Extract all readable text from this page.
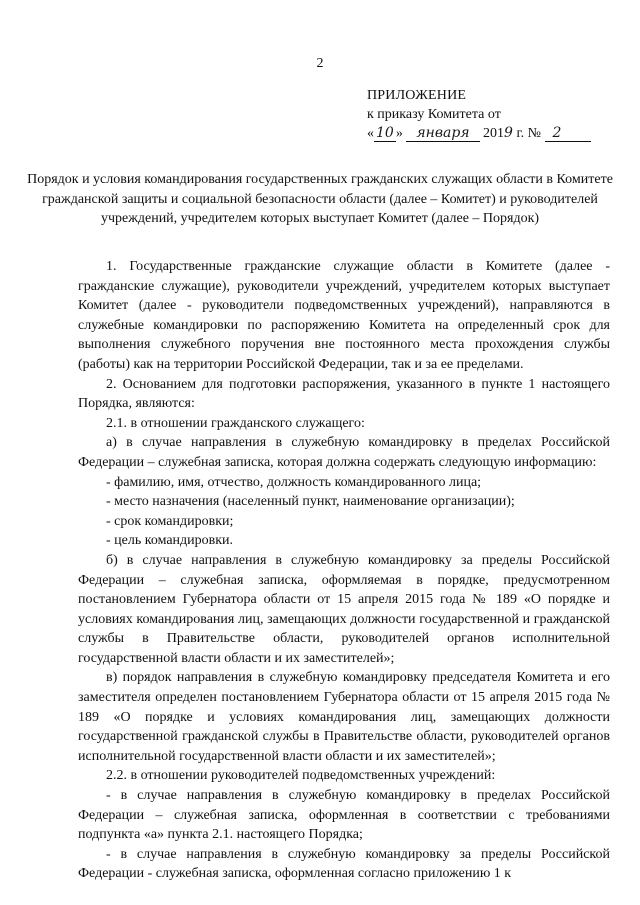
2
ПРИЛОЖЕНИЕ
к приказу Комитета от
« 10 » января 2019 г. № 2
Порядок и условия командирования государственных гражданских служащих области в Комитете гражданской защиты и социальной безопасности области (далее – Комитет) и руководителей учреждений, учредителем которых выступает Комитет (далее – Порядок)

1. Государственные гражданские служащие области в Комитете (далее - гражданские служащие), руководители учреждений, учредителем которых выступает Комитет (далее - руководители подведомственных учреждений), направляются в служебные командировки по распоряжению Комитета на определенный срок для выполнения служебного поручения вне постоянного места прохождения службы (работы) как на территории Российской Федерации, так и за ее пределами.

2. Основанием для подготовки распоряжения, указанного в пункте 1 настоящего Порядка, являются:

2.1. в отношении гражданского служащего:

а) в случае направления в служебную командировку в пределах Российской Федерации – служебная записка, которая должна содержать следующую информацию:

- фамилию, имя, отчество, должность командированного лица;

- место назначения (населенный пункт, наименование организации);

- срок командировки;

- цель командировки.

б) в случае направления в служебную командировку за пределы Российской Федерации – служебная записка, оформляемая в порядке, предусмотренном постановлением Губернатора области от 15 апреля 2015 года № 189 «О порядке и условиях командирования лиц, замещающих должности государственной и гражданской службы в Правительстве области, руководителей органов исполнительной государственной власти области и их заместителей»;

в) порядок направления в служебную командировку председателя Комитета и его заместителя определен постановлением Губернатора области от 15 апреля 2015 года № 189 «О порядке и условиях командирования лиц, замещающих должности государственной гражданской службы в Правительстве области, руководителей органов исполнительной государственной власти области и их заместителей»;

2.2. в отношении руководителей подведомственных учреждений:

- в случае направления в служебную командировку в пределах Российской Федерации – служебная записка, оформленная в соответствии с требованиями подпункта «а» пункта 2.1. настоящего Порядка;

- в случае направления в служебную командировку за пределы Российской Федерации - служебная записка, оформленная согласно приложению 1 к
